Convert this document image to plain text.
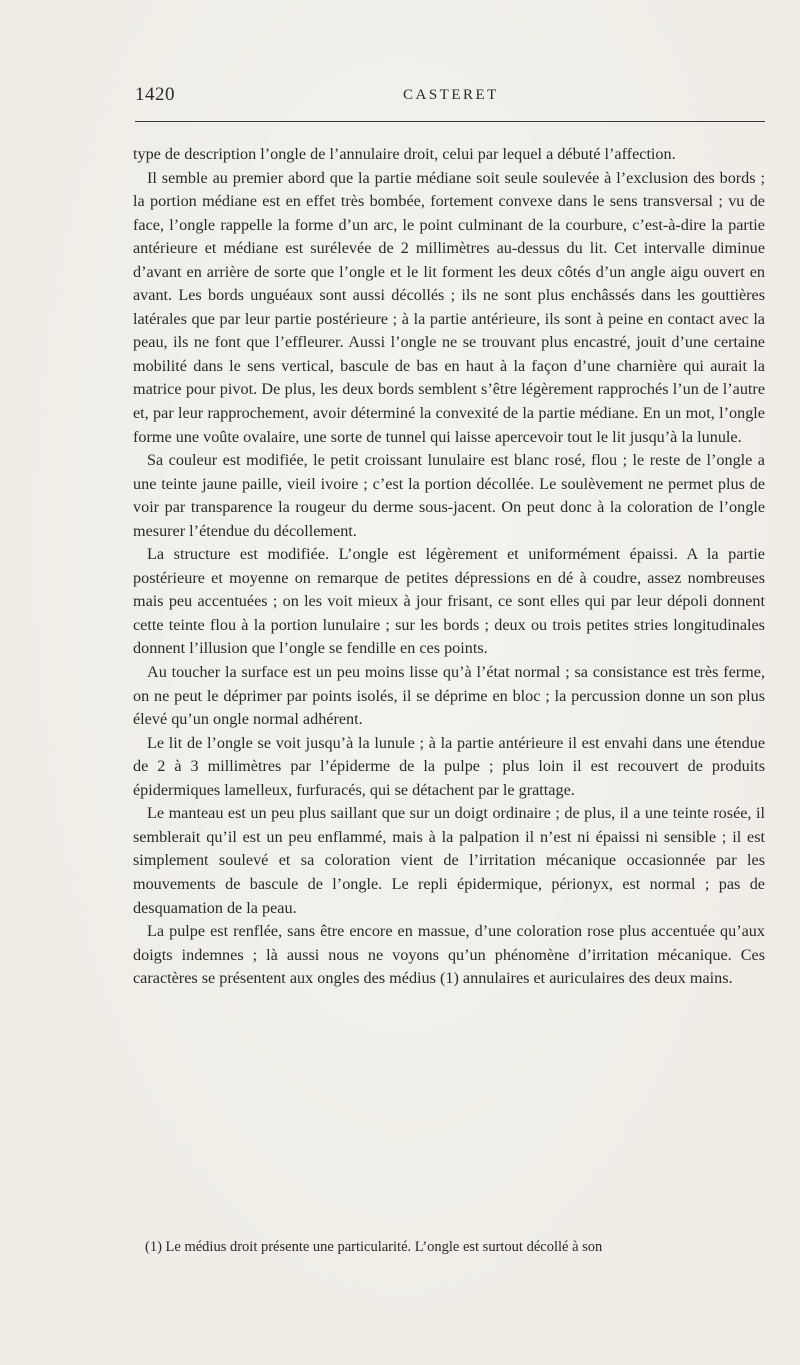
1420	CASTERET

type de description l’ongle de l’annulaire droit, celui par lequel a débuté l’affection.

Il semble au premier abord que la partie médiane soit seule soulevée à l’exclusion des bords ; la portion médiane est en effet très bombée, fortement convexe dans le sens transversal ; vu de face, l’ongle rappelle la forme d’un arc, le point culminant de la courbure, c’est-à-dire la partie antérieure et médiane est surélevée de 2 millimètres au-dessus du lit. Cet intervalle diminue d’avant en arrière de sorte que l’ongle et le lit forment les deux côtés d’un angle aigu ouvert en avant. Les bords unguéaux sont aussi décollés ; ils ne sont plus enchâssés dans les gouttières latérales que par leur partie postérieure ; à la partie antérieure, ils sont à peine en contact avec la peau, ils ne font que l’effleurer. Aussi l’ongle ne se trouvant plus encastré, jouit d’une certaine mobilité dans le sens vertical, bascule de bas en haut à la façon d’une charnière qui aurait la matrice pour pivot. De plus, les deux bords semblent s’être légèrement rapprochés l’un de l’autre et, par leur rapprochement, avoir déterminé la convexité de la partie médiane. En un mot, l’ongle forme une voûte ovalaire, une sorte de tunnel qui laisse apercevoir tout le lit jusqu’à la lunule.

Sa couleur est modifiée, le petit croissant lunulaire est blanc rosé, flou ; le reste de l’ongle a une teinte jaune paille, vieil ivoire ; c’est la portion décollée. Le soulèvement ne permet plus de voir par transparence la rougeur du derme sous-jacent. On peut donc à la coloration de l’ongle mesurer l’étendue du décollement.

La structure est modifiée. L’ongle est légèrement et uniformément épaissi. A la partie postérieure et moyenne on remarque de petites dépressions en dé à coudre, assez nombreuses mais peu accentuées ; on les voit mieux à jour frisant, ce sont elles qui par leur dépoli donnent cette teinte flou à la portion lunulaire ; sur les bords ; deux ou trois petites stries longitudinales donnent l’illusion que l’ongle se fendille en ces points.

Au toucher la surface est un peu moins lisse qu’à l’état normal ; sa consistance est très ferme, on ne peut le déprimer par points isolés, il se déprime en bloc ; la percussion donne un son plus élevé qu’un ongle normal adhérent.

Le lit de l’ongle se voit jusqu’à la lunule ; à la partie antérieure il est envahi dans une étendue de 2 à 3 millimètres par l’épiderme de la pulpe ; plus loin il est recouvert de produits épidermiques lamelleux, furfuracés, qui se détachent par le grattage.

Le manteau est un peu plus saillant que sur un doigt ordinaire ; de plus, il a une teinte rosée, il semblerait qu’il est un peu enflammé, mais à la palpation il n’est ni épaissi ni sensible ; il est simplement soulevé et sa coloration vient de l’irritation mécanique occasionnée par les mouvements de bascule de l’ongle. Le repli épidermique, périonyx, est normal ; pas de desquamation de la peau.

La pulpe est renflée, sans être encore en massue, d’une coloration rose plus accentuée qu’aux doigts indemnes ; là aussi nous ne voyons qu’un phénomène d’irritation mécanique. Ces caractères se présentent aux ongles des médius (1) annulaires et auriculaires des deux mains.

(1) Le médius droit présente une particularité. L’ongle est surtout décollé à son
